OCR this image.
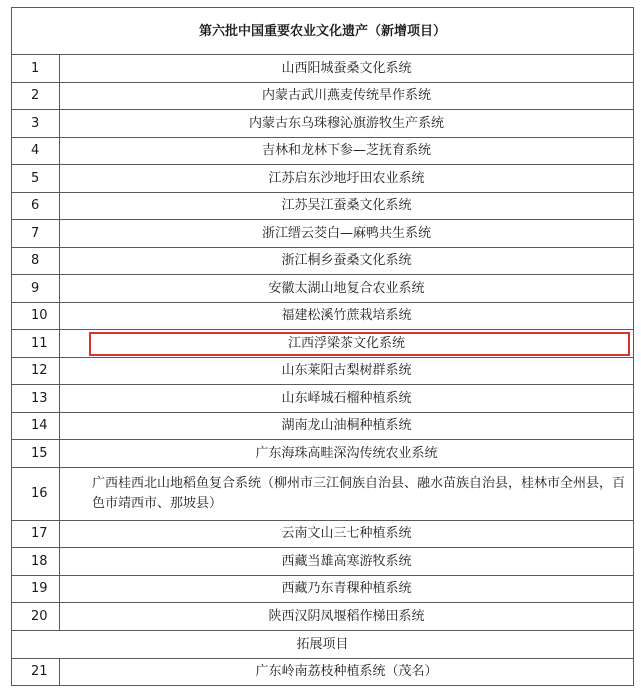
第六批中国重要农业文化遗产（新增项目）	
1	山西阳城蚕桑文化系统
2	内蒙古武川燕麦传统旱作系统
3	内蒙古东乌珠穆沁旗游牧生产系统
4	吉林和龙林下参—芝抚育系统
5	江苏启东沙地圩田农业系统
6	江苏吴江蚕桑文化系统
7	浙江缙云茭白—麻鸭共生系统
8	浙江桐乡蚕桑文化系统
9	安徽太湖山地复合农业系统
10	福建松溪竹蔗栽培系统
11	江西浮梁茶文化系统
12	山东莱阳古梨树群系统
13	山东峄城石榴种植系统
14	湖南龙山油桐种植系统
15	广东海珠高畦深沟传统农业系统
16	广西桂西北山地稻鱼复合系统（柳州市三江侗族自治县、融水苗族自治县，桂林市全州县，百色市靖西市、那坡县）
17	云南文山三七种植系统
18	西藏当雄高寒游牧系统
19	西藏乃东青稞种植系统
20	陕西汉阴凤堰稻作梯田系统
拓展项目	
21	广东岭南荔枝种植系统（茂名）
